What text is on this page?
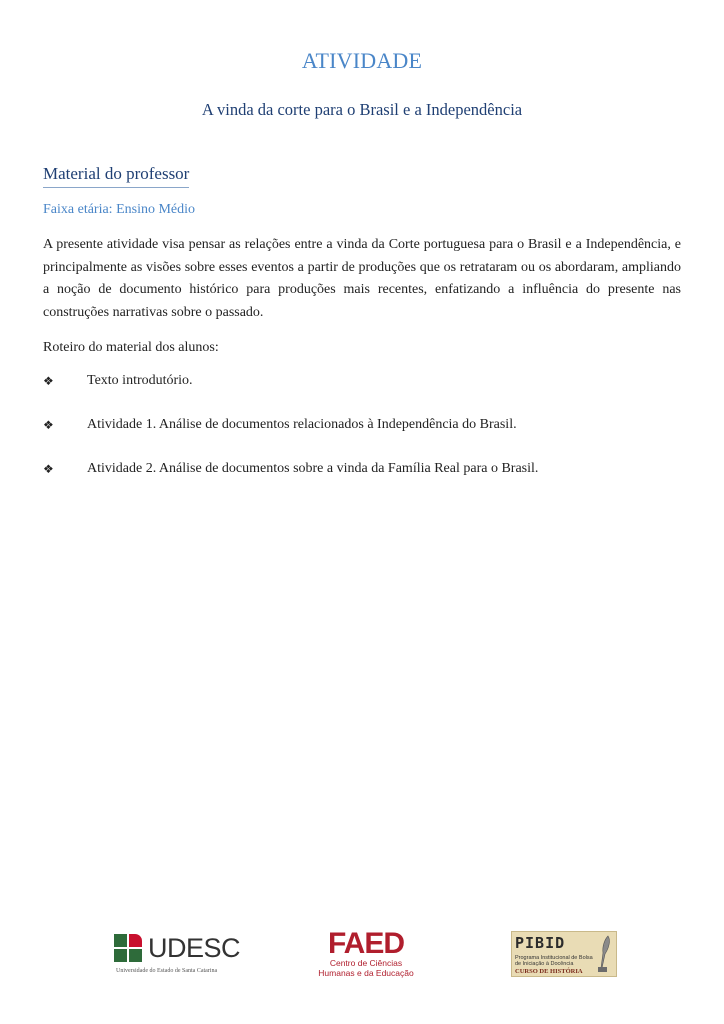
ATIVIDADE
A vinda da corte para o Brasil e a Independência
Material do professor

Faixa etária: Ensino Médio

A presente atividade visa pensar as relações entre a vinda da Corte portuguesa para o Brasil e a Independência, e principalmente as visões sobre esses eventos a partir de produções que os retrataram ou os abordaram, ampliando a noção de documento histórico para produções mais recentes, enfatizando a influência do presente nas construções narrativas sobre o passado.

Roteiro do material dos alunos:

❖	Texto introdutório.
❖	Atividade 1. Análise de documentos relacionados à Independência do Brasil.
❖	Atividade 2. Análise de documentos sobre a vinda da Família Real para o Brasil.
UDESC
Universidade do Estado de Santa Catarina
FAED
Centro de Ciências
Humanas e da Educação
PIBID
Programa Institucional de Bolsa
de Iniciação à Docência
CURSO DE HISTÓRIA
